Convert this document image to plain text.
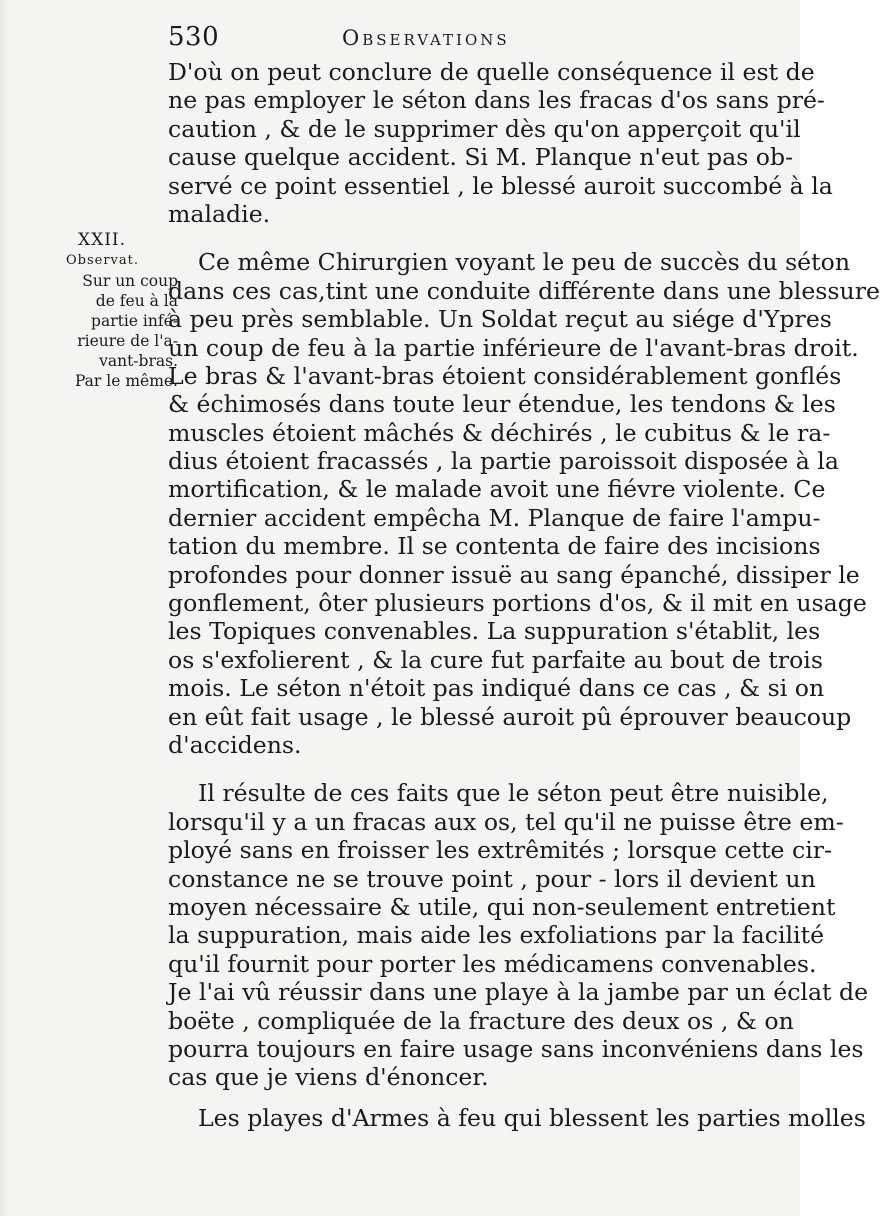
530	Observations
XXII.
Observat.
Sur un coup
de feu à la
partie infé-
rieure de l'a-
vant-bras.
Par le même.
D'où on peut conclure de quelle conséquence il est de
ne pas employer le séton dans les fracas d'os sans pré-
caution , & de le supprimer dès qu'on apperçoit qu'il
cause quelque accident. Si M. Planque n'eut pas ob-
servé ce point essentiel , le blessé auroit succombé à la
maladie.
Ce même Chirurgien voyant le peu de succès du séton
dans ces cas,tint une conduite différente dans une blessure
à peu près semblable. Un Soldat reçut au siége d'Ypres
un coup de feu à la partie inférieure de l'avant-bras droit.
Le bras & l'avant-bras étoient considérablement gonflés
& échimosés dans toute leur étendue, les tendons & les
muscles étoient mâchés & déchirés , le cubitus & le ra-
dius étoient fracassés , la partie paroissoit disposée à la
mortification, & le malade avoit une fiévre violente. Ce
dernier accident empêcha M. Planque de faire l'ampu-
tation du membre. Il se contenta de faire des incisions
profondes pour donner issuë au sang épanché, dissiper le
gonflement, ôter plusieurs portions d'os, & il mit en usage
les Topiques convenables. La suppuration s'établit, les
os s'exfolierent , & la cure fut parfaite au bout de trois
mois. Le séton n'étoit pas indiqué dans ce cas , & si on
en eût fait usage , le blessé auroit pû éprouver beaucoup
d'accidens.
Il résulte de ces faits que le séton peut être nuisible,
lorsqu'il y a un fracas aux os, tel qu'il ne puisse être em-
ployé sans en froisser les extrêmités ; lorsque cette cir-
constance ne se trouve point , pour - lors il devient un
moyen nécessaire & utile, qui non-seulement entretient
la suppuration, mais aide les exfoliations par la facilité
qu'il fournit pour porter les médicamens convenables.
Je l'ai vû réussir dans une playe à la jambe par un éclat de
boëte , compliquée de la fracture des deux os , & on
pourra toujours en faire usage sans inconvéniens dans les
cas que je viens d'énoncer.
Les playes d'Armes à feu qui blessent les parties molles
